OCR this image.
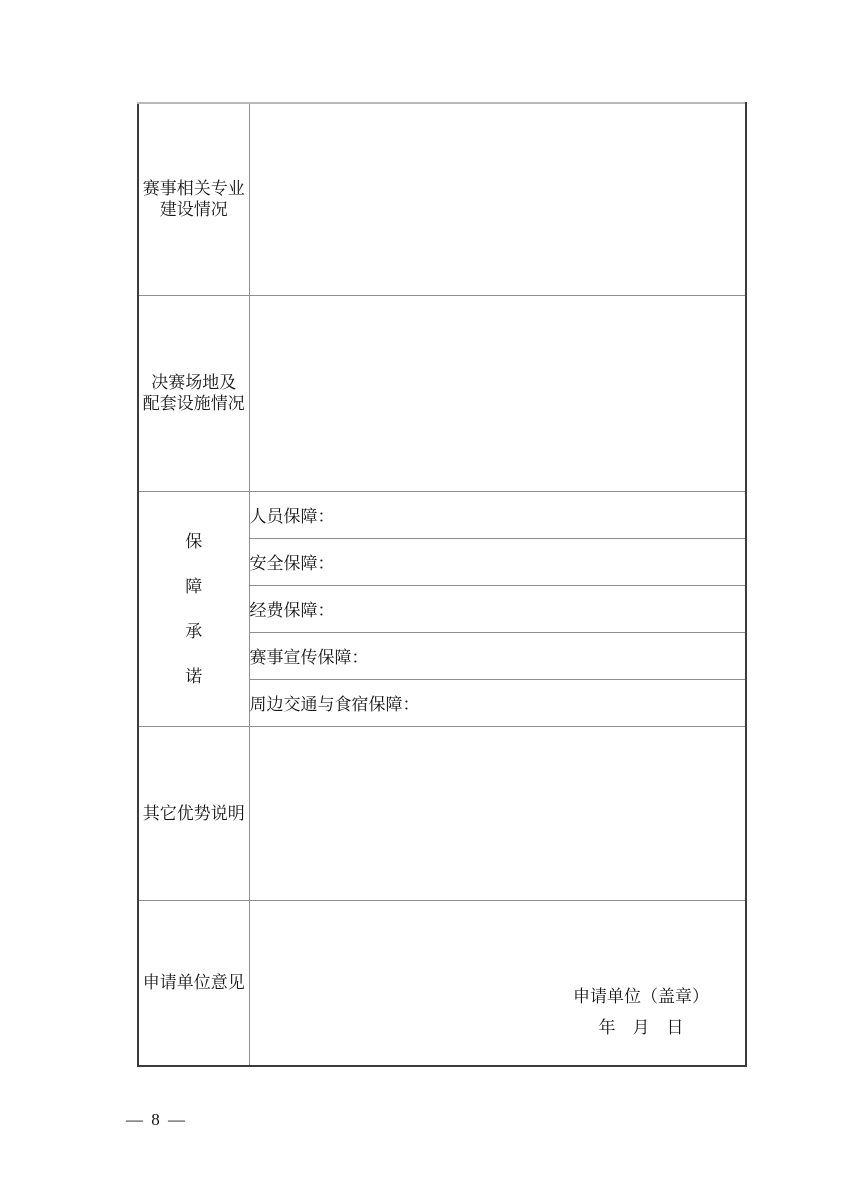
赛事相关专业
建设情况	

决赛场地及
配套设施情况	

保
障
承
诺	人员保障：
	安全保障：
	经费保障：
	赛事宣传保障：
	周边交通与食宿保障：

其它优势说明	

申请单位意见	申请单位（盖章）
年　月　日
— 8 —
